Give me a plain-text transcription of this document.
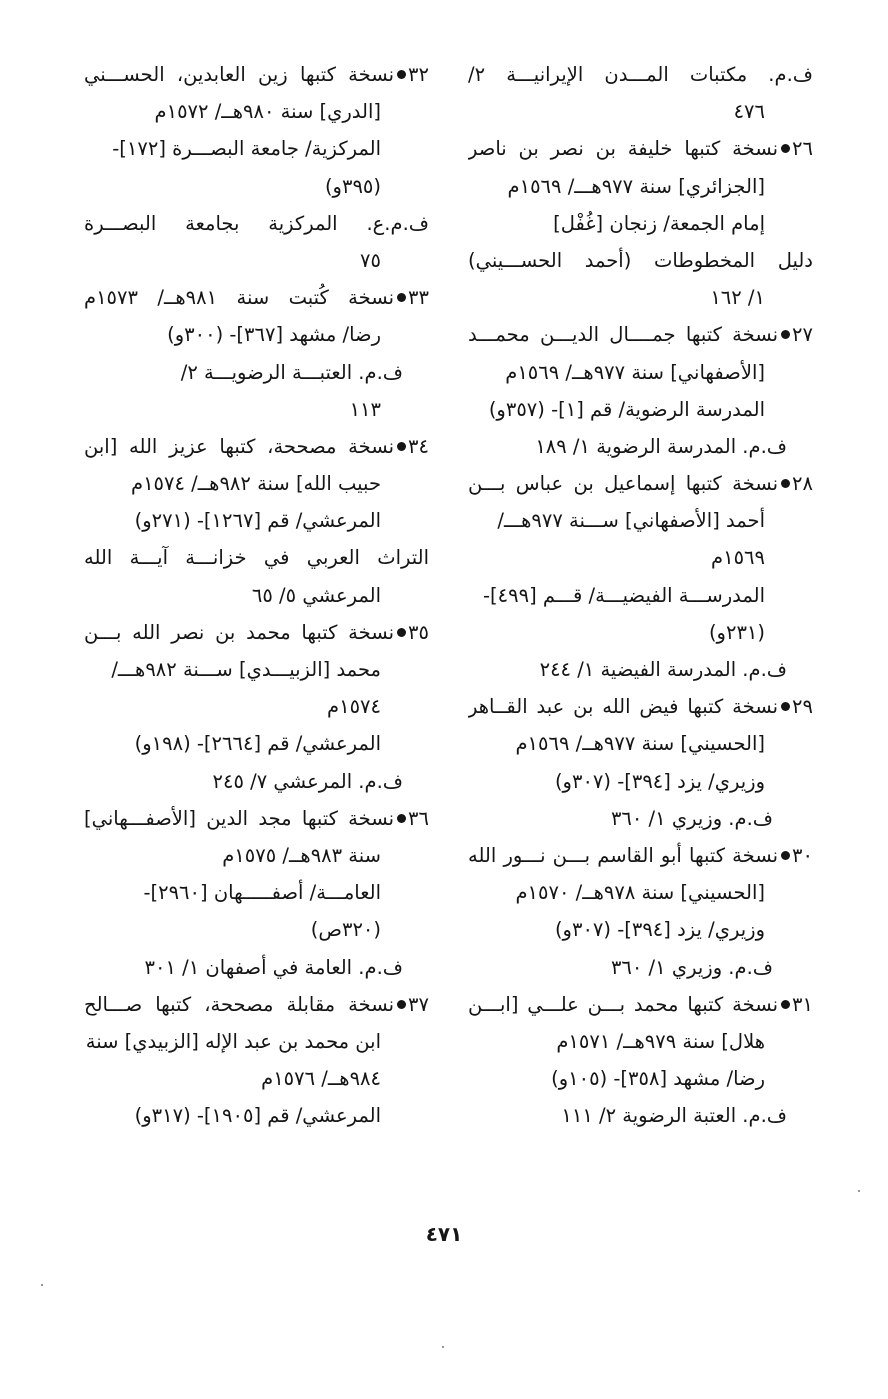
ف.م. مكتبات المـــدن الإيرانيـــة ٢/
٤٧٦
٢٦نسخة كتبها خليفة بن نصر بن ناصر
[الجزائري] سنة ٩٧٧هـــ/ ١٥٦٩م
إمام الجمعة/ زنجان [غُفْل]
دليل المخطوطات (أحمد الحســـيني)
١/ ١٦٢
٢٧نسخة كتبها جمــــال الديـــن محمـــد
[الأصفهاني] سنة ٩٧٧هــ/ ١٥٦٩م
المدرسة الرضوية/ قم [١]- (٣٥٧و)
ف.م. المدرسة الرضوية ١/ ١٨٩
٢٨نسخة كتبها إسماعيل بن عباس بـــن
أحمد [الأصفهاني] ســـنة ٩٧٧هـــ/
١٥٦٩م
المدرســـة الفيضيـــة/ قـــم [٤٩٩]-
(٢٣١و)
ف.م. المدرسة الفيضية ١/ ٢٤٤
٢٩نسخة كتبها فيض الله بن عبد القــاهر
[الحسيني] سنة ٩٧٧هــ/ ١٥٦٩م
وزيري/ يزد [٣٩٤]- (٣٠٧و)
ف.م. وزيري ١/ ٣٦٠
٣٠نسخة كتبها أبو القاسم بـــن نـــور الله
[الحسيني] سنة ٩٧٨هــ/ ١٥٧٠م
وزيري/ يزد [٣٩٤]- (٣٠٧و)
ف.م. وزيري ١/ ٣٦٠
٣١نسخة كتبها محمد بـــن علـــي [ابـــن
هلال] سنة ٩٧٩هــ/ ١٥٧١م
رضا/ مشهد [٣٥٨]- (١٠٥و)
ف.م. العتبة الرضوية ٢/ ١١١
٣٢نسخة كتبها زين العابدين، الحســـني
[الدري] سنة ٩٨٠هــ/ ١٥٧٢م
المركزية/ جامعة البصـــرة [١٧٢]-
(٣٩٥و)
ف.م.ع. المركزية بجامعة البصـــرة
٧٥
٣٣نسخة كُتبت سنة ٩٨١هــ/ ١٥٧٣م
رضا/ مشهد [٣٦٧]- (٣٠٠و)
ف.م. العتبـــة الرضويـــة ٢/
١١٣
٣٤نسخة مصححة، كتبها عزيز الله [ابن
حبيب الله] سنة ٩٨٢هــ/ ١٥٧٤م
المرعشي/ قم [١٢٦٧]- (٢٧١و)
التراث العربي في خزانـــة آيـــة الله
المرعشي ٥/ ٦٥
٣٥نسخة كتبها محمد بن نصر الله بـــن
محمد [الزبيـــدي] ســـنة ٩٨٢هـــ/
١٥٧٤م
المرعشي/ قم [٢٦٦٤]- (١٩٨و)
ف.م. المرعشي ٧/ ٢٤٥
٣٦نسخة كتبها مجد الدين [الأصفـــهاني]
سنة ٩٨٣هــ/ ١٥٧٥م
العامـــة/ أصفـــــهان [٢٩٦٠]-
(٣٢٠ص)
ف.م. العامة في أصفهان ١/ ٣٠١
٣٧نسخة مقابلة مصححة، كتبها صـــالح
ابن محمد بن عبد الإله [الزبيدي] سنة
٩٨٤هــ/ ١٥٧٦م
المرعشي/ قم [١٩٠٥]- (٣١٧و)
٤٧١
